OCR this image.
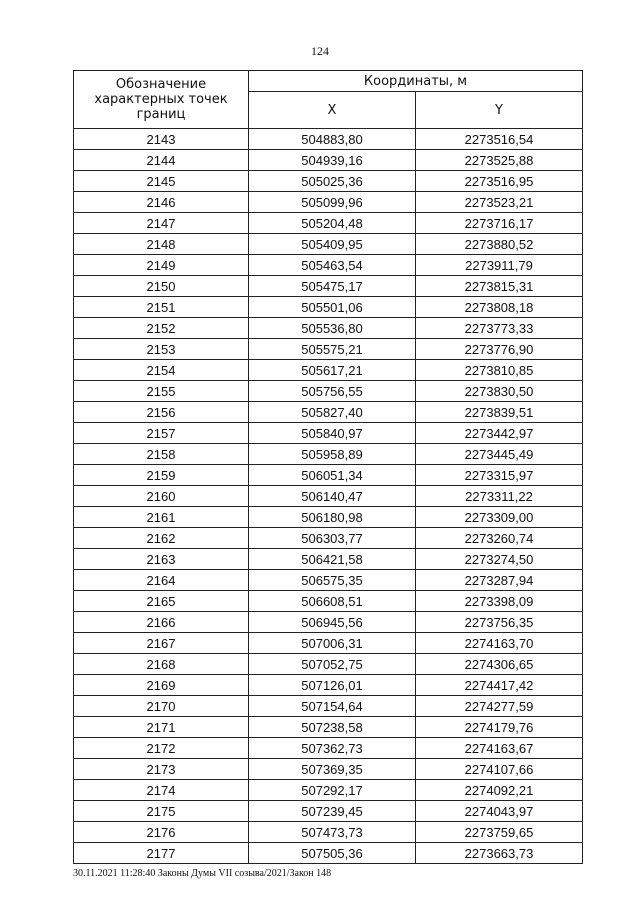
124
Обозначение характерных точек границ	Координаты, м	
	X	Y
2143	504883,80	2273516,54
2144	504939,16	2273525,88
2145	505025,36	2273516,95
2146	505099,96	2273523,21
2147	505204,48	2273716,17
2148	505409,95	2273880,52
2149	505463,54	2273911,79
2150	505475,17	2273815,31
2151	505501,06	2273808,18
2152	505536,80	2273773,33
2153	505575,21	2273776,90
2154	505617,21	2273810,85
2155	505756,55	2273830,50
2156	505827,40	2273839,51
2157	505840,97	2273442,97
2158	505958,89	2273445,49
2159	506051,34	2273315,97
2160	506140,47	2273311,22
2161	506180,98	2273309,00
2162	506303,77	2273260,74
2163	506421,58	2273274,50
2164	506575,35	2273287,94
2165	506608,51	2273398,09
2166	506945,56	2273756,35
2167	507006,31	2274163,70
2168	507052,75	2274306,65
2169	507126,01	2274417,42
2170	507154,64	2274277,59
2171	507238,58	2274179,76
2172	507362,73	2274163,67
2173	507369,35	2274107,66
2174	507292,17	2274092,21
2175	507239,45	2274043,97
2176	507473,73	2273759,65
2177	507505,36	2273663,73
30.11.2021 11:28:40 Законы Думы VII созыва/2021/Закон 148
